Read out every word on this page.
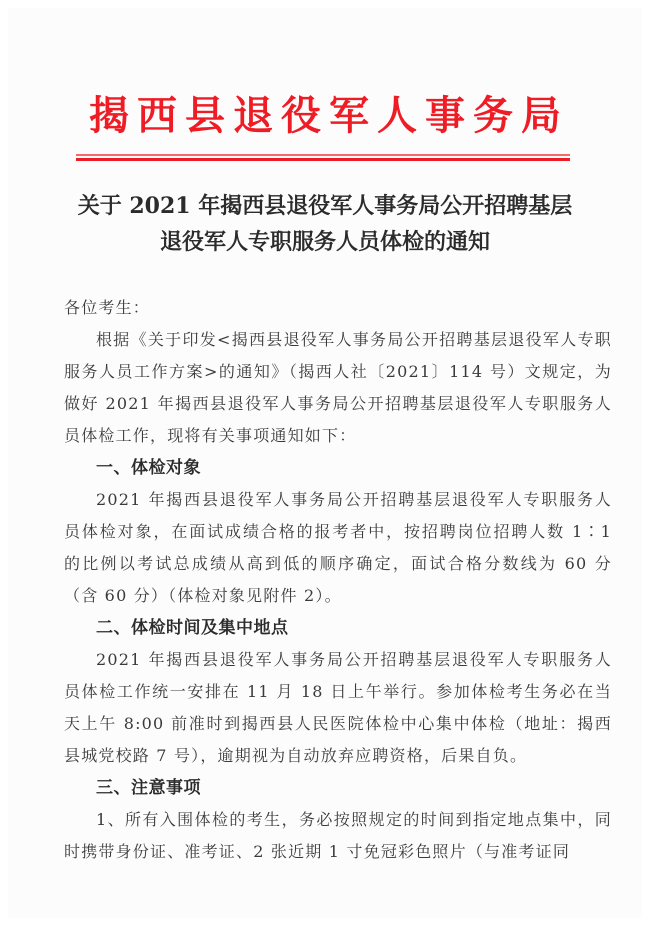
揭西县退役军人事务局
关于 2021 年揭西县退役军人事务局公开招聘基层
退役军人专职服务人员体检的通知

各位考生：

根据《关于印发<揭西县退役军人事务局公开招聘基层退役军人专职服务人员工作方案>的通知》（揭西人社〔2021〕114 号）文规定，为做好 2021 年揭西县退役军人事务局公开招聘基层退役军人专职服务人员体检工作，现将有关事项通知如下：

一、体检对象

2021 年揭西县退役军人事务局公开招聘基层退役军人专职服务人员体检对象，在面试成绩合格的报考者中，按招聘岗位招聘人数 1∶1 的比例以考试总成绩从高到低的顺序确定，面试合格分数线为 60 分（含 60 分）（体检对象见附件 2）。

二、体检时间及集中地点

2021 年揭西县退役军人事务局公开招聘基层退役军人专职服务人员体检工作统一安排在 11 月 18 日上午举行。参加体检考生务必在当天上午 8:00 前准时到揭西县人民医院体检中心集中体检（地址：揭西县城党校路 7 号），逾期视为自动放弃应聘资格，后果自负。

三、注意事项

1、所有入围体检的考生，务必按照规定的时间到指定地点集中，同时携带身份证、准考证、2 张近期 1 寸免冠彩色照片（与准考证同
